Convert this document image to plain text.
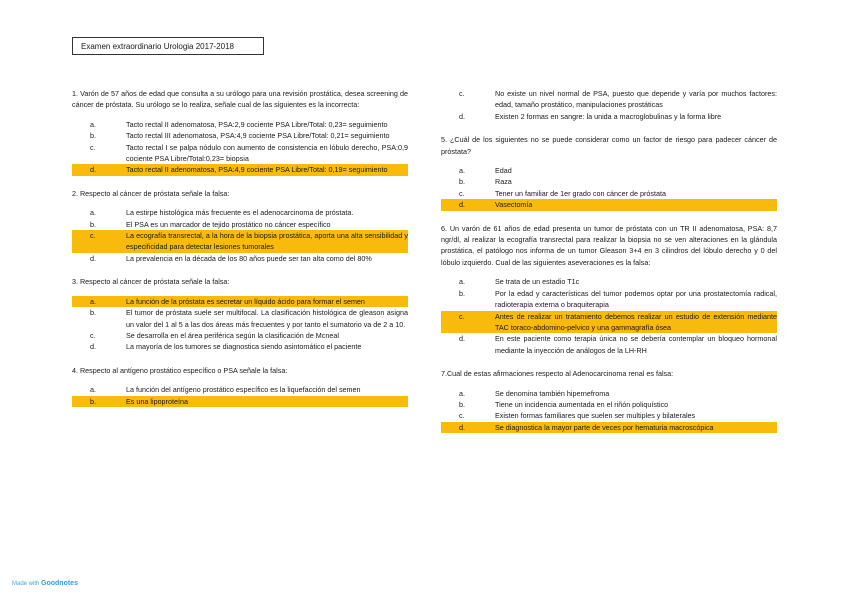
Examen extraordinario Urologia 2017-2018

1. Varón de 57 años de edad que consulta a su urólogo para una revisión prostática, desea screening de cáncer de próstata. Su urólogo se lo realiza, señale cual de las siguientes es la incorrecta:

a.	Tacto rectal II adenomatosa, PSA:2,9 cociente PSA Libre/Total: 0,23= seguimiento
b.	Tacto rectal III adenomatosa, PSA:4,9 cociente PSA Libre/Total: 0,21= seguimiento
c.	Tacto rectal I se palpa nódulo con aumento de consistencia en lóbulo derecho, PSA:0,9 cociente PSA Libre/Total:0,23= biopsia
d.	Tacto rectal II adenomatosa, PSA:4,9 cociente PSA Libre/Total: 0,19= seguimiento

2. Respecto al cáncer de próstata señale la falsa:

a.	La estirpe histológica más frecuente es el adenocarcinoma de próstata.
b.	El PSA es un marcador de tejido prostático no cáncer específico
c.	La ecografía transrectal, a la hora de la biopsia prostática, aporta una alta sensibilidad y especificidad para detectar lesiones tumorales
d.	La prevalencia en la década de los 80 años puede ser tan alta como del 80%

3. Respecto al cáncer de próstata señale la falsa:

a.	La función de la próstata es secretar un líquido ácido para formar el semen
b.	El tumor de próstata suele ser multifocal. La clasificación histológica de gleason asigna un valor del 1 al 5 a las dos áreas más frecuentes y por tanto el sumatorio va de 2 a 10.
c.	Se desarrolla en el área periférica según la clasificación de Mcneal
d.	La mayoría de los tumores se diagnostica siendo asintomático el paciente

4. Respecto al antígeno prostático específico o PSA señale la falsa:

a.	La función del antígeno prostático específico es la liquefacción del semen
b.	Es una lipoproteína
c.	No existe un nivel normal de PSA, puesto que depende y varía por muchos factores: edad, tamaño prostático, manipulaciones prostáticas
d.	Existen 2 formas en sangre: la unida a macroglobulinas y la forma libre

5. ¿Cuál de los siguientes no se puede considerar como un factor de riesgo para padecer cáncer de próstata?

a.	Edad
b.	Raza
c.	Tener un familiar de 1er grado con cáncer de próstata
d.	Vasectomía

6. Un varón de 61 años de edad presenta un tumor de próstata con un TR II adenomatosa, PSA: 8,7 ngr/dl, al realizar la ecografía transrectal para realizar la biopsia no se ven alteraciones en la glándula prostática, el patólogo nos informa de un tumor Gleason 3+4 en 3 cilindros del lóbulo derecho y 0 del lóbulo izquierdo. Cual de las siguientes aseveraciones es la falsa:

a.	Se trata de un estadio T1c
b.	Por la edad y características del tumor podemos optar por una prostatectomía radical, radioterapia externa o braquiterapia
c.	Antes de realizar un tratamiento debemos realizar un estudio de extensión mediante TAC toraco-abdomino-pelvico y una gammagrafía ósea
d.	En este paciente como terapia única no se debería contemplar un bloqueo hormonal mediante la inyección de análogos de la LH-RH

7.Cual de estas afirmaciones respecto al Adenocarcinoma renal es falsa:

a.	Se denomina también hipernefroma
b.	Tiene un incidencia aumentada en el riñón poliquístico
c.	Existen formas familiares que suelen ser multiples y bilaterales
d.	Se diagnostica la mayor parte de veces por hematuria macroscópica
Made with Goodnotes
